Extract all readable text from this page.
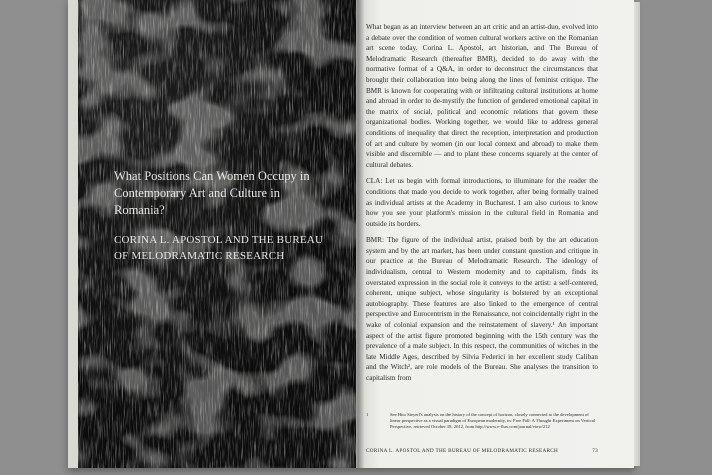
What Positions Can Women Occupy in Contemporary Art and Culture in Romania?

CORINA L. APOSTOL AND THE BUREAU OF MELODRAMATIC RESEARCH

What began as an interview between an art critic and an artist-duo, evolved into a debate over the condition of women cultural workers active on the Romanian art scene today. Corina L. Apostol, art historian, and The Bureau of Melodramatic Research (thereafter BMR), decided to do away with the normative format of a Q&A, in order to deconstruct the circumstances that brought their collaboration into being along the lines of feminist critique. The BMR is known for cooperating with or infiltrating cultural institutions at home and abroad in order to de-mystify the function of gendered emotional capital in the matrix of social, political and economic relations that govern these organizational bodies. Working together, we would like to address general conditions of inequality that direct the reception, interpretation and production of art and culture by women (in our local context and abroad) to make them visible and discernible — and to plant these concerns squarely at the center of cultural debates.

CLA: Let us begin with formal introductions, to illuminate for the reader the conditions that made you decide to work together, after being formally trained as individual artists at the Academy in Bucharest. I am also curious to know how you see your platform's mission in the cultural field in Romania and outside its borders.

BMR: The figure of the individual artist, praised both by the art education system and by the art market, has been under constant question and critique in our practice at the Bureau of Melodramatic Research. The ideology of individualism, central to Western modernity and to capitalism, finds its overstated expression in the social role it conveys to the artist: a self-centered, coherent, unique subject, whose singularity is bolstered by an exceptional autobiography. These features are also linked to the emergence of central perspective and Eurocentrism in the Renaissance, not coincidentally right in the wake of colonial expansion and the reinstatement of slavery.¹ An important aspect of the artist figure promoted beginning with the 15th century was the prevalence of a male subject. In this respect, the communities of witches in the late Middle Ages, described by Silvia Federici in her excellent study Caliban and the Witch², are role models of the Bureau. She analyses the transition to capitalism from

1	See Hito Steyerl's analysis on the history of the concept of horizon, closely connected to the development of linear perspective as a visual paradigm of European modernity, in: Free Fall: A Thought Experiment on Vertical Perspective, retrieved October 18, 2012, from http://www.e-flux.com/journal/view/212
CORINA L. APOSTOL AND THE BUREAU OF MELODRAMATIC RESEARCH	73
